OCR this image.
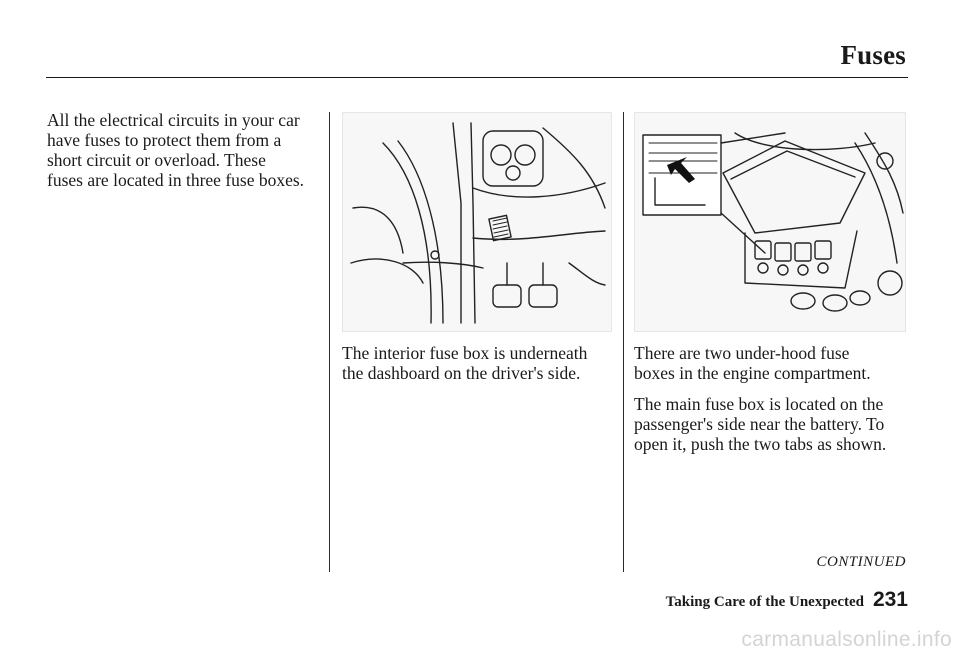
Fuses
All the electrical circuits in your car
have fuses to protect them from a
short circuit or overload. These
fuses are located in three fuse boxes.
The interior fuse box is underneath
the dashboard on the driver's side.
There are two under-hood fuse
boxes in the engine compartment.
The main fuse box is located on the
passenger's side near the battery. To
open it, push the two tabs as shown.
CONTINUED
Taking Care of the Unexpected 231
carmanualsonline.info
